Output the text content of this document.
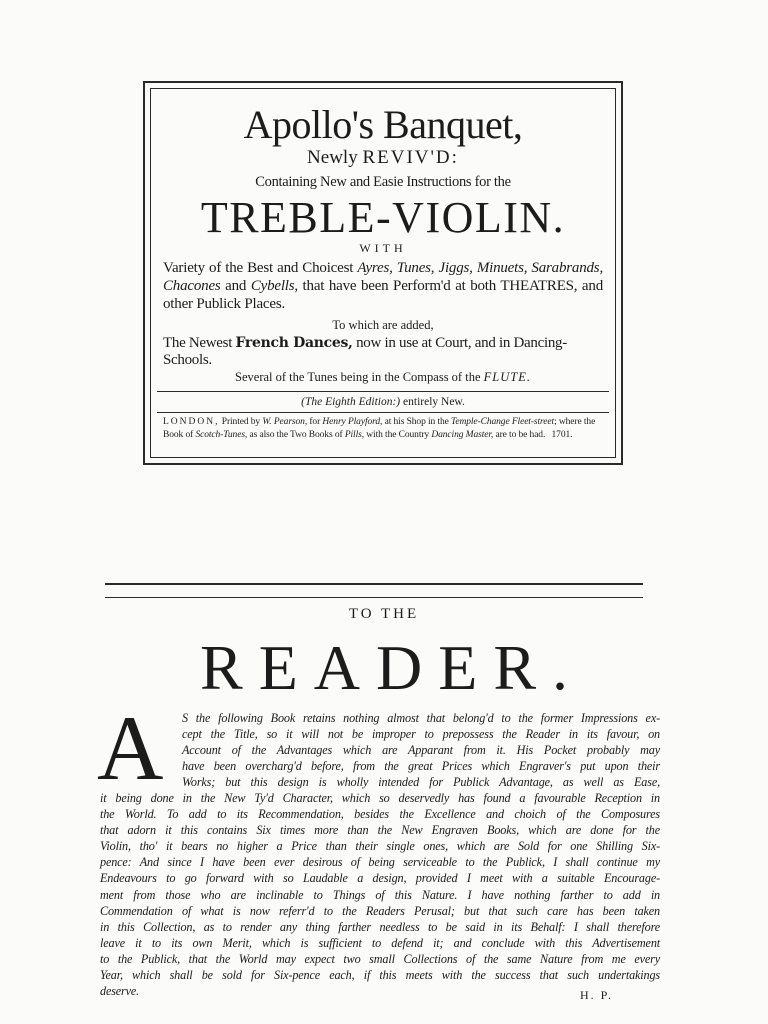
Apollo's Banquet,
Newly REVIV'D:
Containing New and Easie Instructions for the
TREBLE-VIOLIN.
WITH
Variety of the Best and Choicest Ayres, Tunes, Jiggs, Minuets, Sarabrands, Chacones and Cybells, that have been Perform'd at both THEATRES, and other Publick Places.
To which are added,
The Newest French Dances, now in use at Court, and in Dancing-Schools.
Several of the Tunes being in the Compass of the FLUTE.
(The Eighth Edition:) entirely New.
LONDON, Printed by W. Pearson, for Henry Playford, at his Shop in the Temple-Change Fleet-street; where the Book of Scotch-Tunes, as also the Two Books of Pills, with the Country Dancing Master, are to be had. 1701.
TO THE
READER.
A	S the following Book retains nothing almost that belong'd to the former Impressions ex-
cept the Title, so it will not be improper to prepossess the Reader in its favour, on
Account of the Advantages which are Apparant from it. His Pocket probably may
have been overcharg'd before, from the great Prices which Engraver's put upon their
Works; but this design is wholly intended for Publick Advantage, as well as Ease,
it being done in the New Ty'd Character, which so deservedly has found a favourable Reception in
the World. To add to its Recommendation, besides the Excellence and choich of the Composures
that adorn it this contains Six times more than the New Engraven Books, which are done for the
Violin, tho' it bears no higher a Price than their single ones, which are Sold for one Shilling Six-
pence: And since I have been ever desirous of being serviceable to the Publick, I shall continue my
Endeavours to go forward with so Laudable a design, provided I meet with a suitable Encourage-
ment from those who are inclinable to Things of this Nature. I have nothing farther to add in
Commendation of what is now referr'd to the Readers Perusal; but that such care has been taken
in this Collection, as to render any thing farther needless to be said in its Behalf: I shall therefore
leave it to its own Merit, which is sufficient to defend it; and conclude with this Advertisement
to the Publick, that the World may expect two small Collections of the same Nature from me every
Year, which shall be sold for Six-pence each, if this meets with the success that such undertakings
deserve.	H. P.
